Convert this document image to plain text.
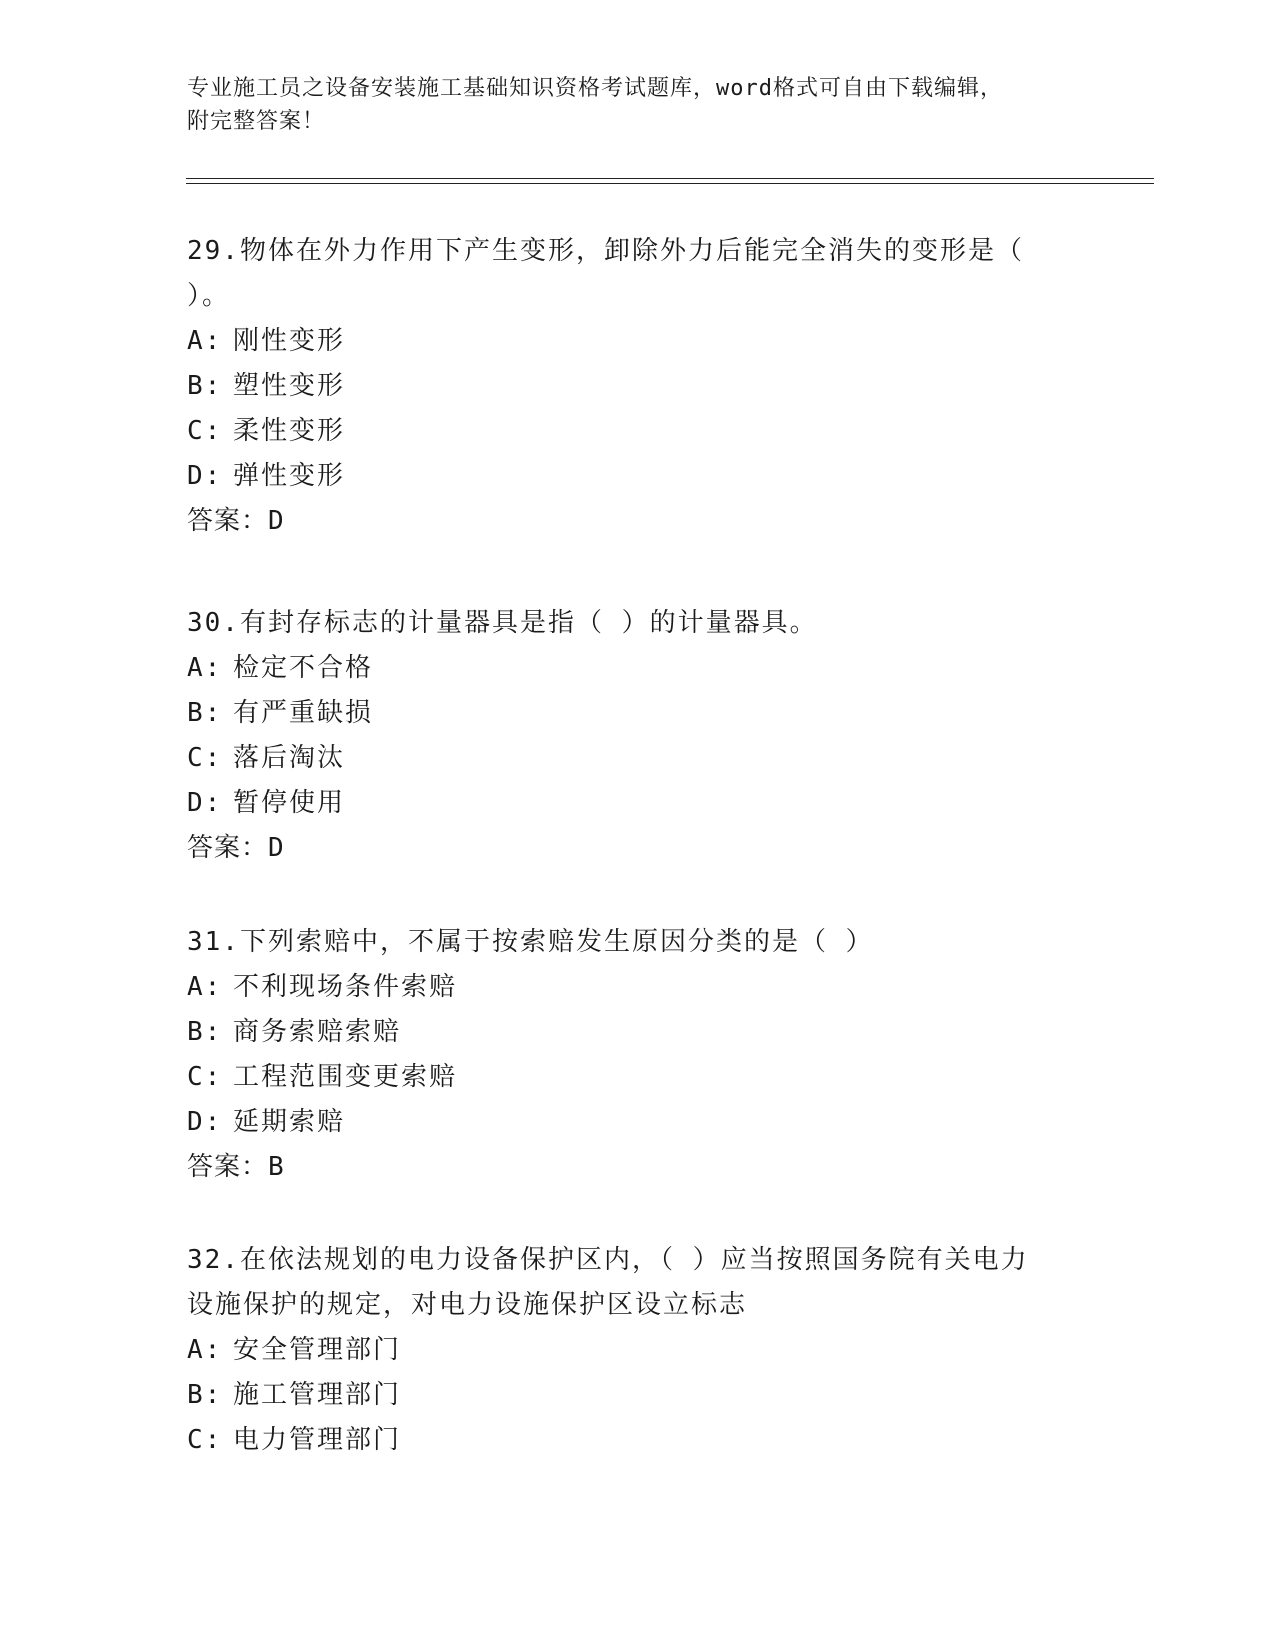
专业施工员之设备安装施工基础知识资格考试题库，word格式可自由下载编辑，
附完整答案！

29.物体在外力作用下产生变形，卸除外力后能完全消失的变形是（

）。

A: 刚性变形

B: 塑性变形

C: 柔性变形

D: 弹性变形

答案：D

30.有封存标志的计量器具是指（ ）的计量器具。

A: 检定不合格

B: 有严重缺损

C: 落后淘汰

D: 暂停使用

答案：D

31.下列索赔中，不属于按索赔发生原因分类的是（ ）

A: 不利现场条件索赔

B: 商务索赔索赔

C: 工程范围变更索赔

D: 延期索赔

答案：B

32.在依法规划的电力设备保护区内，（ ）应当按照国务院有关电力

设施保护的规定，对电力设施保护区设立标志

A: 安全管理部门

B: 施工管理部门

C: 电力管理部门
